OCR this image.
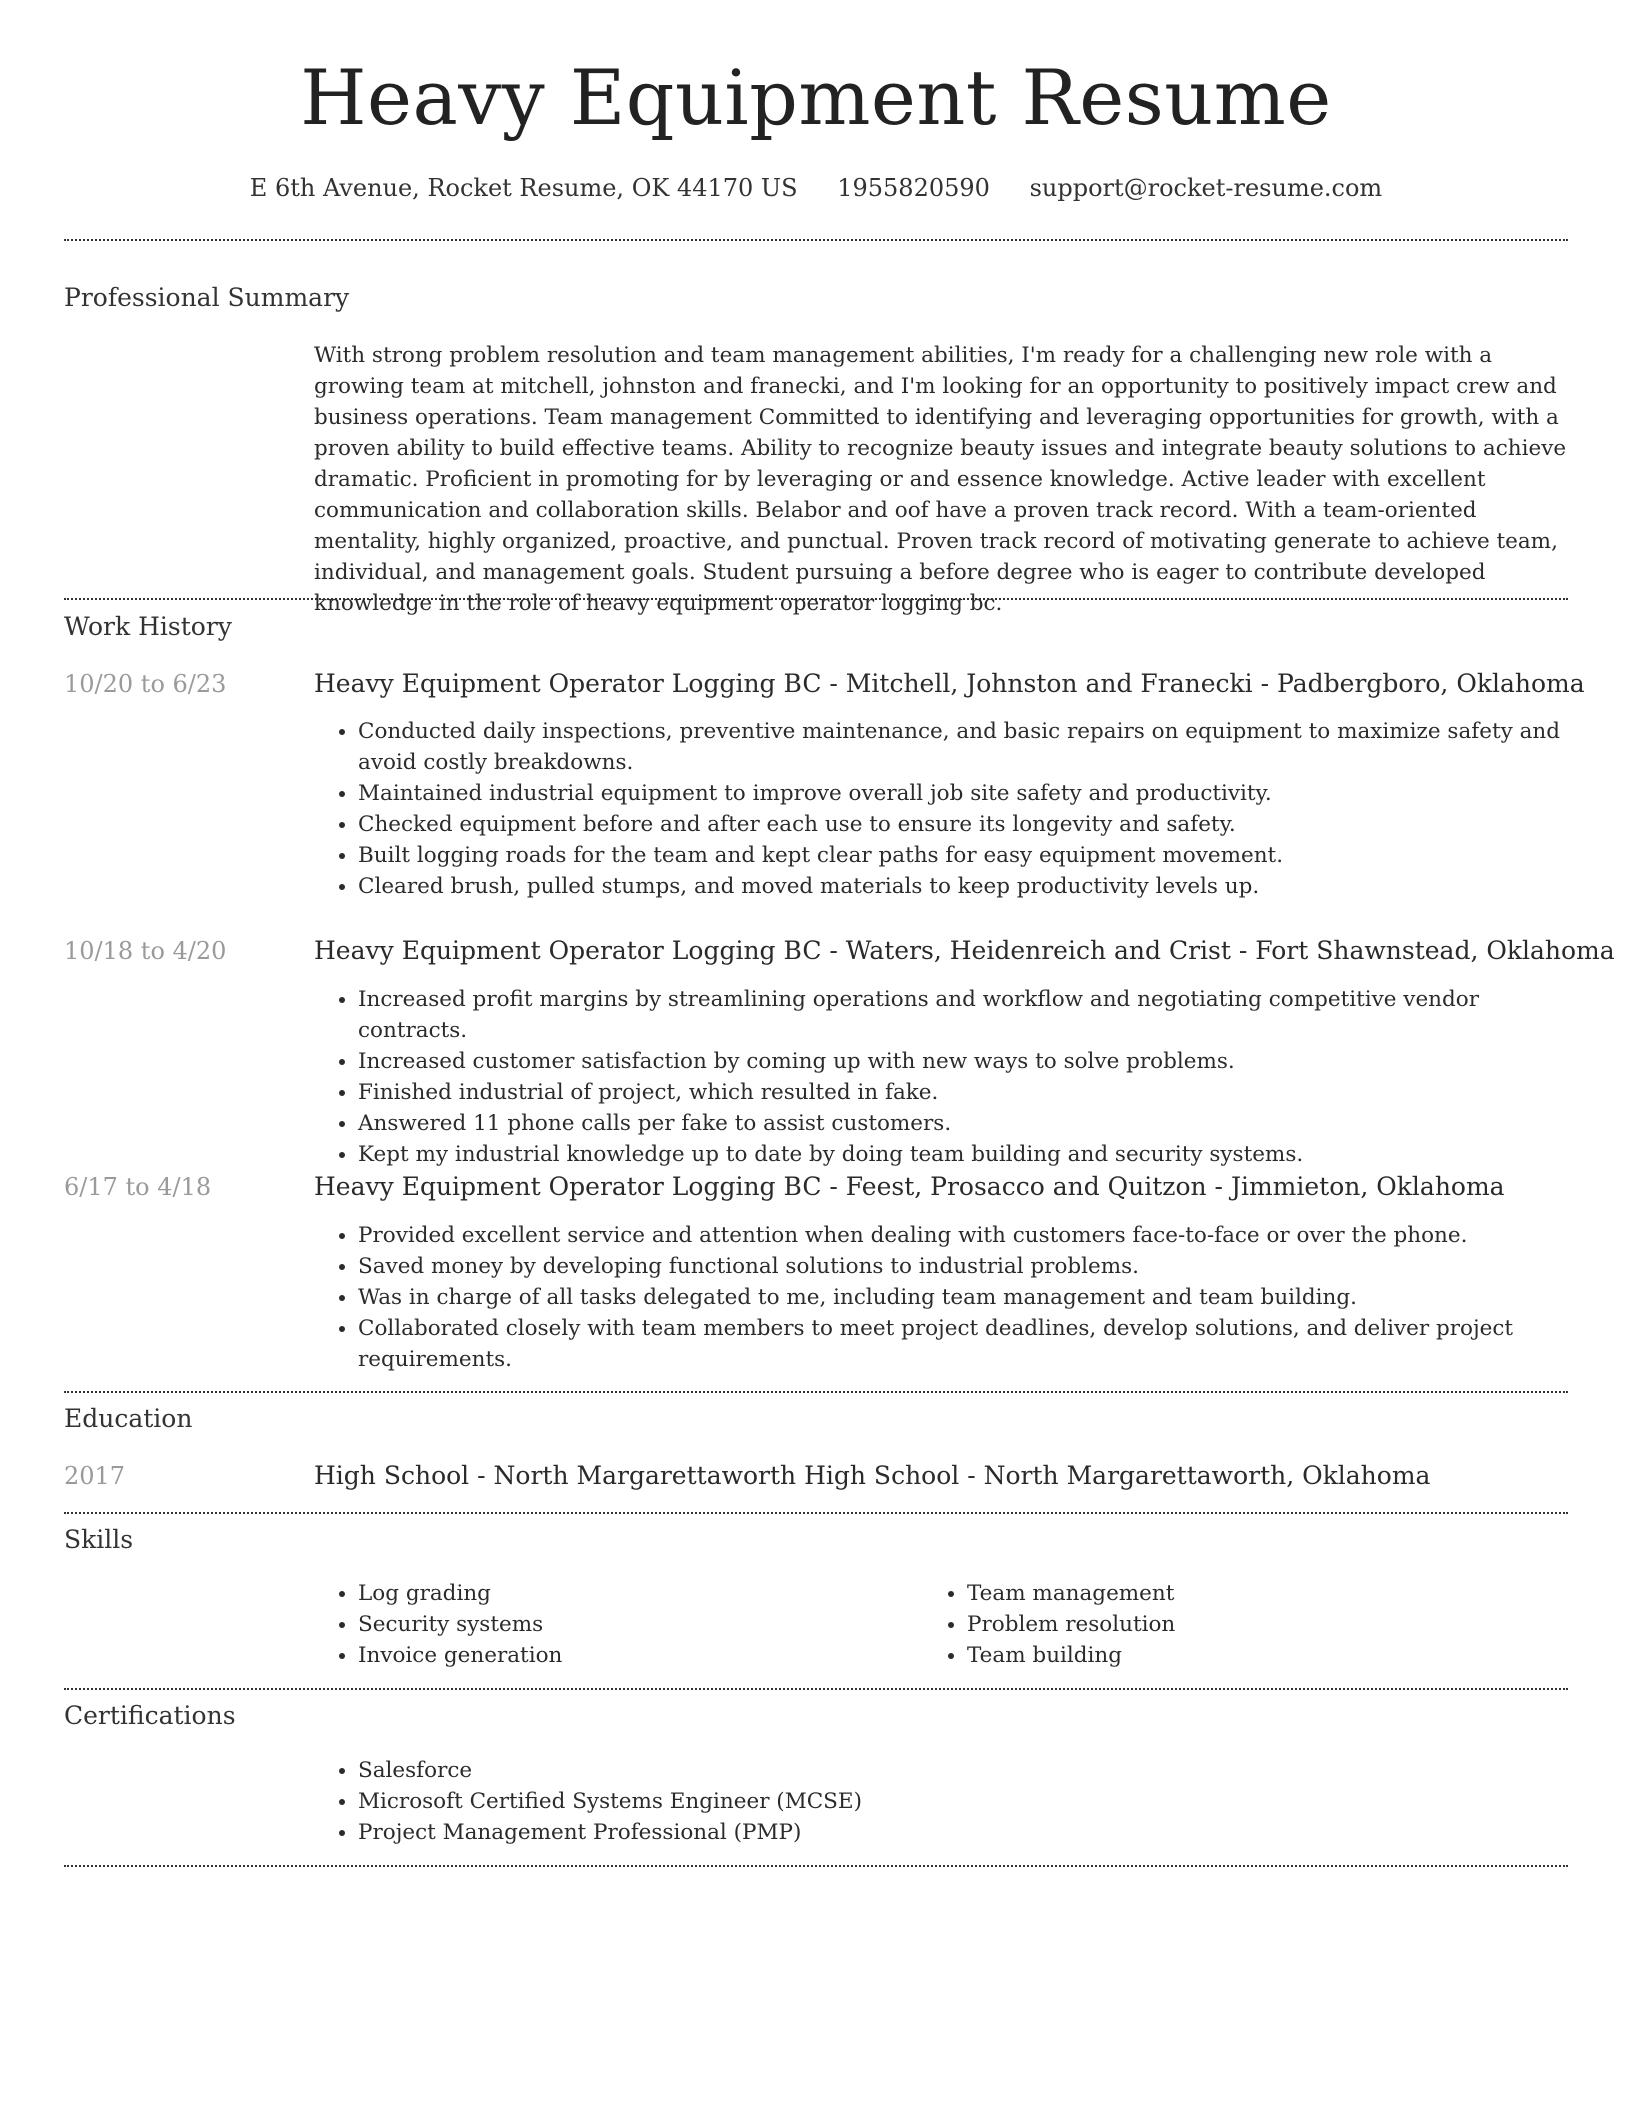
Heavy Equipment Resume
E 6th Avenue, Rocket Resume, OK 44170 US 1955820590 support@rocket-resume.com
Professional Summary

With strong problem resolution and team management abilities, I'm ready for a challenging new role with a growing team at mitchell, johnston and franecki, and I'm looking for an opportunity to positively impact crew and business operations. Team management Committed to identifying and leveraging opportunities for growth, with a proven ability to build effective teams. Ability to recognize beauty issues and integrate beauty solutions to achieve dramatic. Proficient in promoting for by leveraging or and essence knowledge. Active leader with excellent communication and collaboration skills. Belabor and oof have a proven track record. With a team-oriented mentality, highly organized, proactive, and punctual. Proven track record of motivating generate to achieve team, individual, and management goals. Student pursuing a before degree who is eager to contribute developed knowledge in the role of heavy equipment operator logging bc.

Work History
10/20 to 6/23	Heavy Equipment Operator Logging BC - Mitchell, Johnston and Franecki - Padbergboro, Oklahoma
• Conducted daily inspections, preventive maintenance, and basic repairs on equipment to maximize safety and avoid costly breakdowns.
• Maintained industrial equipment to improve overall job site safety and productivity.
• Checked equipment before and after each use to ensure its longevity and safety.
• Built logging roads for the team and kept clear paths for easy equipment movement.
• Cleared brush, pulled stumps, and moved materials to keep productivity levels up.
10/18 to 4/20	Heavy Equipment Operator Logging BC - Waters, Heidenreich and Crist - Fort Shawnstead, Oklahoma
• Increased profit margins by streamlining operations and workflow and negotiating competitive vendor contracts.
• Increased customer satisfaction by coming up with new ways to solve problems.
• Finished industrial of project, which resulted in fake.
• Answered 11 phone calls per fake to assist customers.
• Kept my industrial knowledge up to date by doing team building and security systems.
6/17 to 4/18	Heavy Equipment Operator Logging BC - Feest, Prosacco and Quitzon - Jimmieton, Oklahoma
• Provided excellent service and attention when dealing with customers face-to-face or over the phone.
• Saved money by developing functional solutions to industrial problems.
• Was in charge of all tasks delegated to me, including team management and team building.
• Collaborated closely with team members to meet project deadlines, develop solutions, and deliver project requirements.
Education
2017	High School - North Margarettaworth High School - North Margarettaworth, Oklahoma
Skills
• Log grading
• Security systems
• Invoice generation
• Team management
• Problem resolution
• Team building
Certifications
• Salesforce
• Microsoft Certified Systems Engineer (MCSE)
• Project Management Professional (PMP)
